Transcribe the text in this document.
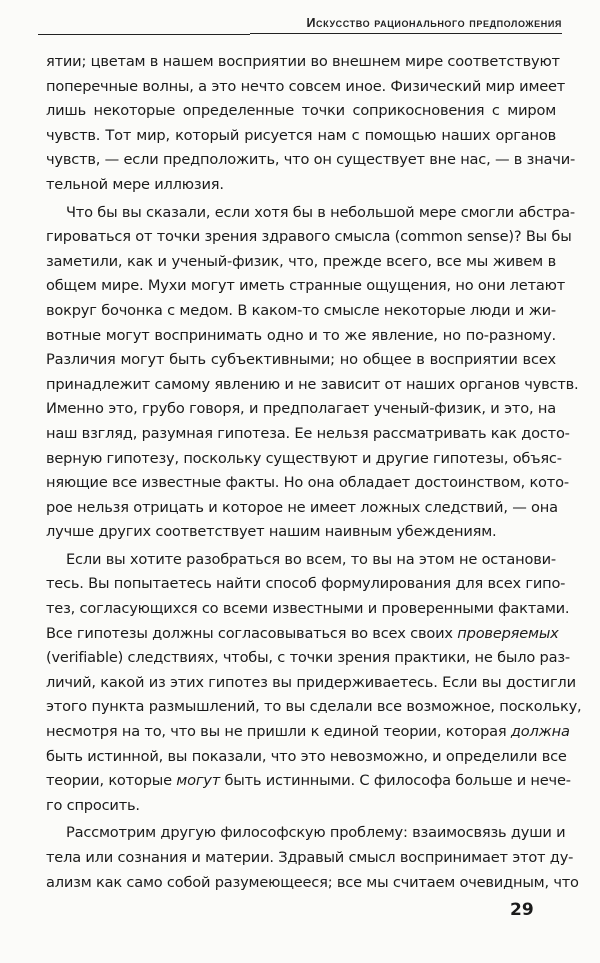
Искусство рационального предположения

ятии; цветам в нашем восприятии во внешнем мире соответствуют
поперечные волны, а это нечто совсем иное. Физический мир имеет
лишь некоторые определенные точки соприкосновения с миром
чувств. Тот мир, который рисуется нам с помощью наших органов
чувств, — если предположить, что он существует вне нас, — в значи-
тельной мере иллюзия.

Что бы вы сказали, если хотя бы в небольшой мере смогли абстра-
гироваться от точки зрения здравого смысла (common sense)? Вы бы
заметили, как и ученый-физик, что, прежде всего, все мы живем в
общем мире. Мухи могут иметь странные ощущения, но они летают
вокруг бочонка с медом. В каком-то смысле некоторые люди и жи-
вотные могут воспринимать одно и то же явление, но по-разному.
Различия могут быть субъективными; но общее в восприятии всех
принадлежит самому явлению и не зависит от наших органов чувств.
Именно это, грубо говоря, и предполагает ученый-физик, и это, на
наш взгляд, разумная гипотеза. Ее нельзя рассматривать как досто-
верную гипотезу, поскольку существуют и другие гипотезы, объяс-
няющие все известные факты. Но она обладает достоинством, кото-
рое нельзя отрицать и которое не имеет ложных следствий, — она
лучше других соответствует нашим наивным убеждениям.

Если вы хотите разобраться во всем, то вы на этом не останови-
тесь. Вы попытаетесь найти способ формулирования для всех гипо-
тез, согласующихся со всеми известными и проверенными фактами.
Все гипотезы должны согласовываться во всех своих проверяемых
(verifiable) следствиях, чтобы, с точки зрения практики, не было раз-
личий, какой из этих гипотез вы придерживаетесь. Если вы достигли
этого пункта размышлений, то вы сделали все возможное, поскольку,
несмотря на то, что вы не пришли к единой теории, которая должна
быть истинной, вы показали, что это невозможно, и определили все
теории, которые могут быть истинными. С философа больше и нече-
го спросить.

Рассмотрим другую философскую проблему: взаимосвязь души и
тела или сознания и материи. Здравый смысл воспринимает этот ду-
ализм как само собой разумеющееся; все мы считаем очевидным, что

29
